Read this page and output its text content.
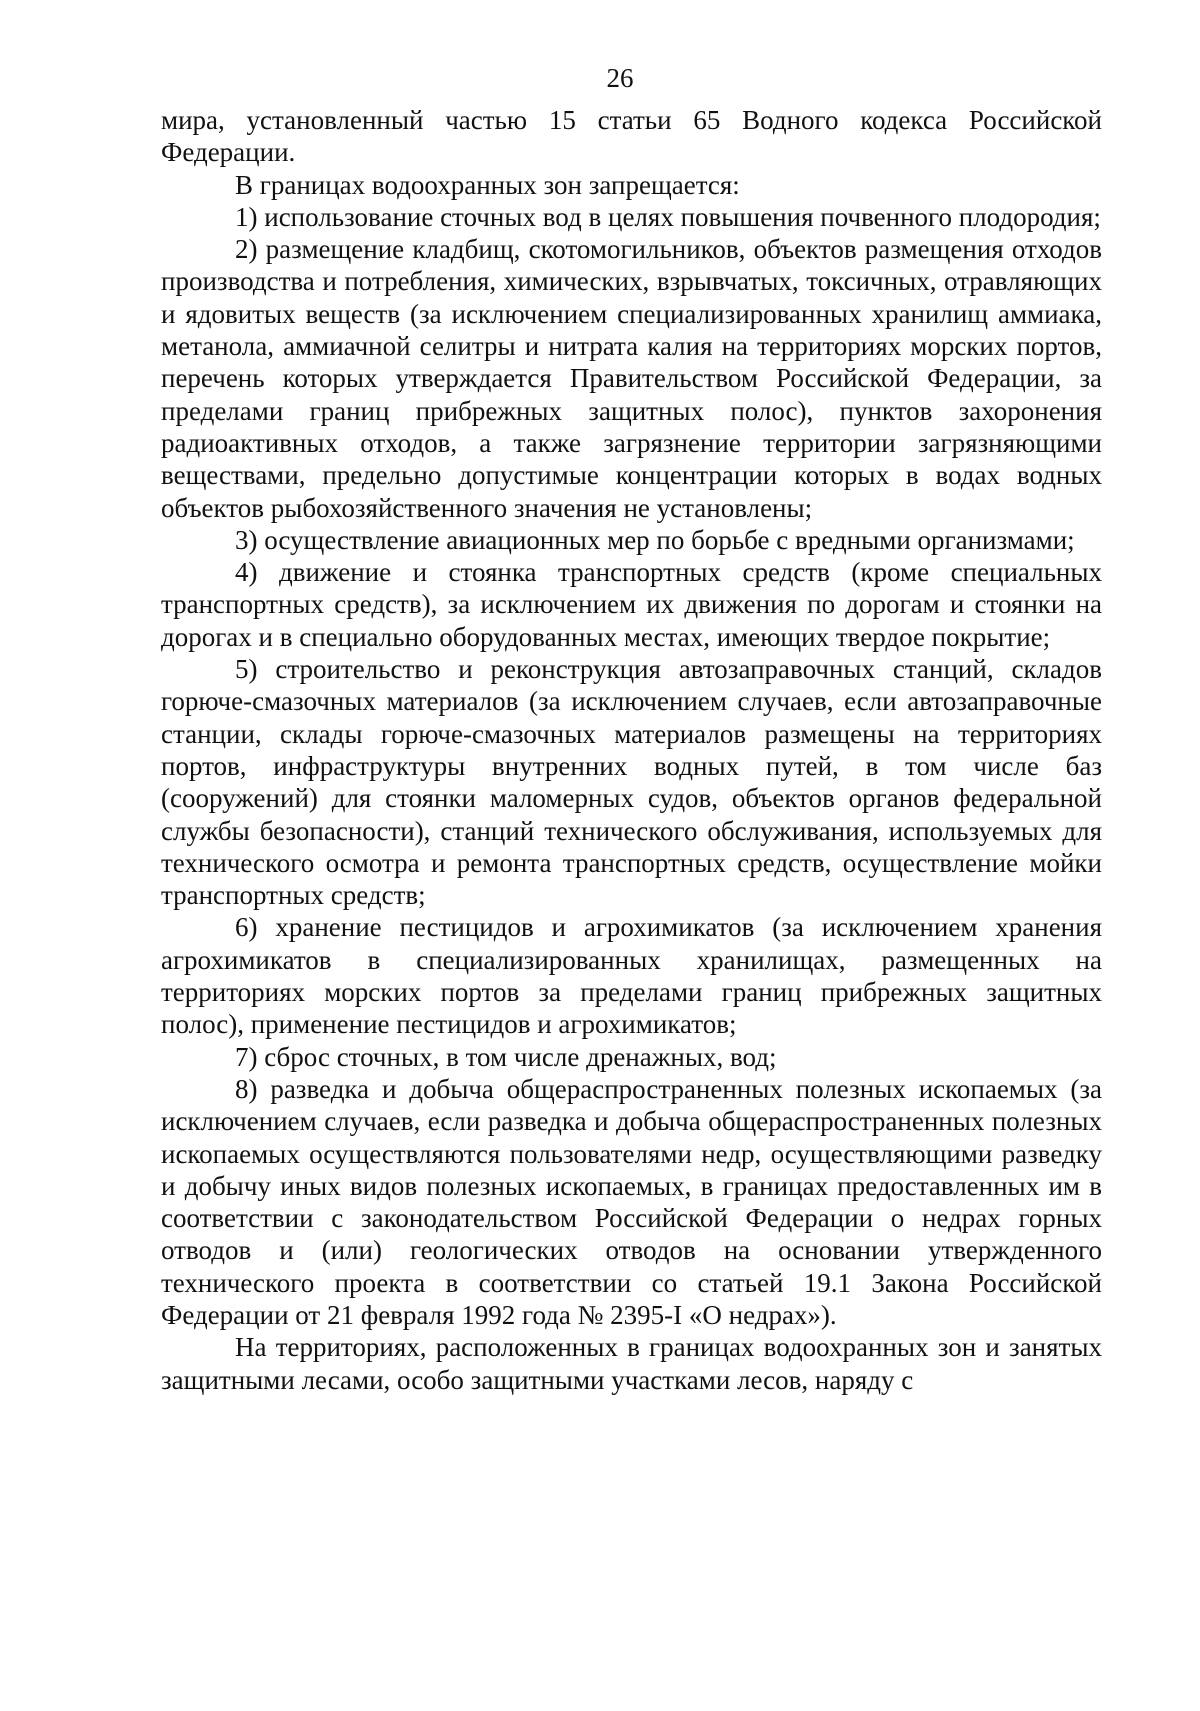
26

мира, установленный частью 15 статьи 65 Водного кодекса Российской Федерации.

В границах водоохранных зон запрещается:

1) использование сточных вод в целях повышения почвенного плодородия;

2) размещение кладбищ, скотомогильников, объектов размещения отходов производства и потребления, химических, взрывчатых, токсичных, отравляющих и ядовитых веществ (за исключением специализированных хранилищ аммиака, метанола, аммиачной селитры и нитрата калия на территориях морских портов, перечень которых утверждается Правительством Российской Федерации, за пределами границ прибрежных защитных полос), пунктов захоронения радиоактивных отходов, а также загрязнение территории загрязняющими веществами, предельно допустимые концентрации которых в водах водных объектов рыбохозяйственного значения не установлены;

3) осуществление авиационных мер по борьбе с вредными организмами;

4) движение и стоянка транспортных средств (кроме специальных транспортных средств), за исключением их движения по дорогам и стоянки на дорогах и в специально оборудованных местах, имеющих твердое покрытие;

5) строительство и реконструкция автозаправочных станций, складов горюче-смазочных материалов (за исключением случаев, если автозаправочные станции, склады горюче-смазочных материалов размещены на территориях портов, инфраструктуры внутренних водных путей, в том числе баз (сооружений) для стоянки маломерных судов, объектов органов федеральной службы безопасности), станций технического обслуживания, используемых для технического осмотра и ремонта транспортных средств, осуществление мойки транспортных средств;

6) хранение пестицидов и агрохимикатов (за исключением хранения агрохимикатов в специализированных хранилищах, размещенных на территориях морских портов за пределами границ прибрежных защитных полос), применение пестицидов и агрохимикатов;

7) сброс сточных, в том числе дренажных, вод;

8) разведка и добыча общераспространенных полезных ископаемых (за исключением случаев, если разведка и добыча общераспространенных полезных ископаемых осуществляются пользователями недр, осуществляющими разведку и добычу иных видов полезных ископаемых, в границах предоставленных им в соответствии с законодательством Российской Федерации о недрах горных отводов и (или) геологических отводов на основании утвержденного технического проекта в соответствии со статьей 19.1 Закона Российской Федерации от 21 февраля 1992 года № 2395-I «О недрах»).

На территориях, расположенных в границах водоохранных зон и занятых защитными лесами, особо защитными участками лесов, наряду с
